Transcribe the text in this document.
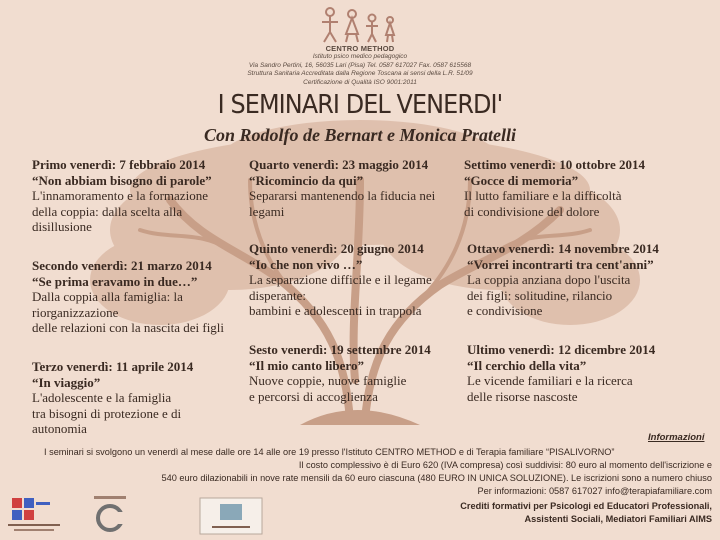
CENTRO METHOD
Istituto psico medico pedagogico
Via Sandro Pertini, 16, 56035 Lari (Pisa) Tel. 0587 617027 Fax. 0587 615568
Struttura Sanitaria Accreditata dalla Regione Toscana ai sensi della L.R. 51/09
Certificazione di Qualità ISO 9001:2011
I SEMINARI DEL VENERDI'
Con Rodolfo de Bernart e Monica Pratelli
Primo venerdì: 7 febbraio 2014
“Non abbiam bisogno di parole”
L'innamoramento e la formazione
della coppia: dalla scelta alla
disillusione
Secondo venerdì: 21 marzo 2014
“Se prima eravamo in due…”
Dalla coppia alla famiglia: la
riorganizzazione
delle relazioni con la nascita dei figli
Terzo venerdì: 11 aprile 2014
“In viaggio”
L'adolescente e la famiglia
tra bisogni di protezione e di
autonomia
Quarto venerdì: 23 maggio 2014
“Ricomincio da qui”
Separarsi mantenendo la fiducia nei
legami
Quinto venerdì: 20 giugno 2014
“Io che non vivo …”
La separazione difficile e il legame
disperante:
bambini e adolescenti in trappola
Sesto venerdì: 19 settembre 2014
“Il mio canto libero”
Nuove coppie, nuove famiglie
e percorsi di accoglienza
Settimo venerdì: 10 ottobre 2014
“Gocce di memoria”
Il lutto familiare e la difficoltà
di condivisione del dolore
Ottavo venerdì: 14 novembre 2014
“Vorrei incontrarti tra cent'anni”
La coppia anziana dopo l'uscita
dei figli: solitudine, rilancio
e condivisione
Ultimo venerdì: 12 dicembre 2014
“Il cerchio della vita”
Le vicende familiari e la ricerca
delle risorse nascoste
Informazioni
I seminari si svolgono un venerdì al mese dalle ore 14 alle ore 19 presso l'Istituto CENTRO METHOD e di Terapia familiare “PISALIVORNO”
Il costo complessivo è di Euro 620 (IVA compresa) così suddivisi: 80 euro al momento dell'iscrizione e
540 euro dilazionabili in nove rate mensili da 60 euro ciascuna (480 EURO IN UNICA SOLUZIONE). Le iscrizioni sono a numero chiuso
Per informazioni: 0587 617027 info@terapiafamiliare.com
Crediti formativi per Psicologi ed Educatori Professionali,
Assistenti Sociali, Mediatori Familiari AIMS
